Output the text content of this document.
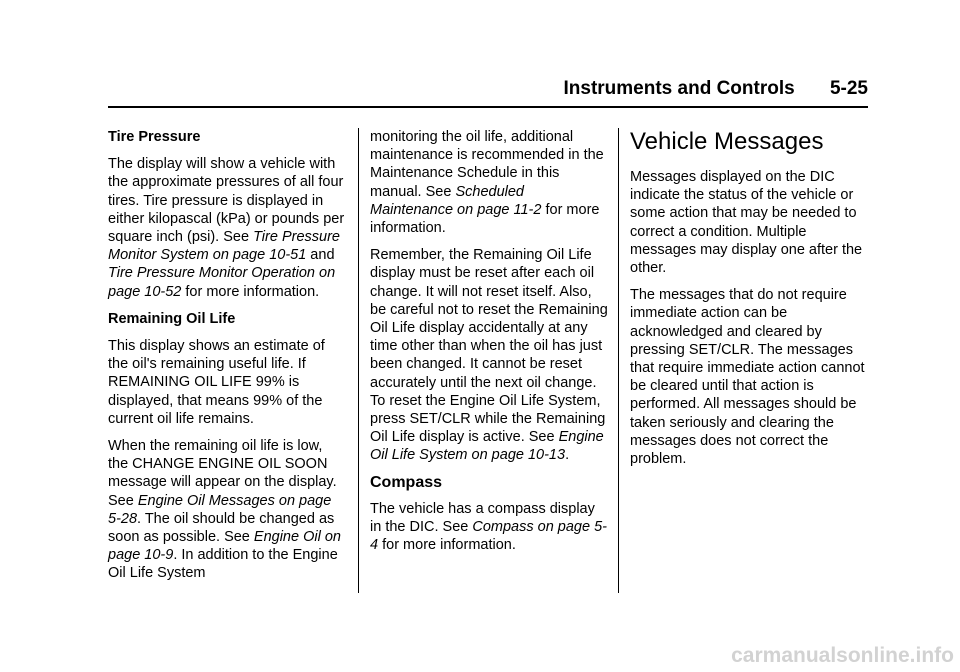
Instruments and Controls 5-25
Tire Pressure

The display will show a vehicle with the approximate pressures of all four tires. Tire pressure is displayed in either kilopascal (kPa) or pounds per square inch (psi). See Tire Pressure Monitor System on page 10-51 and Tire Pressure Monitor Operation on page 10-52 for more information.

Remaining Oil Life

This display shows an estimate of the oil's remaining useful life. If REMAINING OIL LIFE 99% is displayed, that means 99% of the current oil life remains.

When the remaining oil life is low, the CHANGE ENGINE OIL SOON message will appear on the display. See Engine Oil Messages on page 5-28. The oil should be changed as soon as possible. See Engine Oil on page 10-9. In addition to the Engine Oil Life System

monitoring the oil life, additional maintenance is recommended in the Maintenance Schedule in this manual. See Scheduled Maintenance on page 11-2 for more information.

Remember, the Remaining Oil Life display must be reset after each oil change. It will not reset itself. Also, be careful not to reset the Remaining Oil Life display accidentally at any time other than when the oil has just been changed. It cannot be reset accurately until the next oil change. To reset the Engine Oil Life System, press SET/CLR while the Remaining Oil Life display is active. See Engine Oil Life System on page 10-13.

Compass

The vehicle has a compass display in the DIC. See Compass on page 5-4 for more information.

Vehicle Messages

Messages displayed on the DIC indicate the status of the vehicle or some action that may be needed to correct a condition. Multiple messages may display one after the other.

The messages that do not require immediate action can be acknowledged and cleared by pressing SET/CLR. The messages that require immediate action cannot be cleared until that action is performed. All messages should be taken seriously and clearing the messages does not correct the problem.

carmanualsonline.info
